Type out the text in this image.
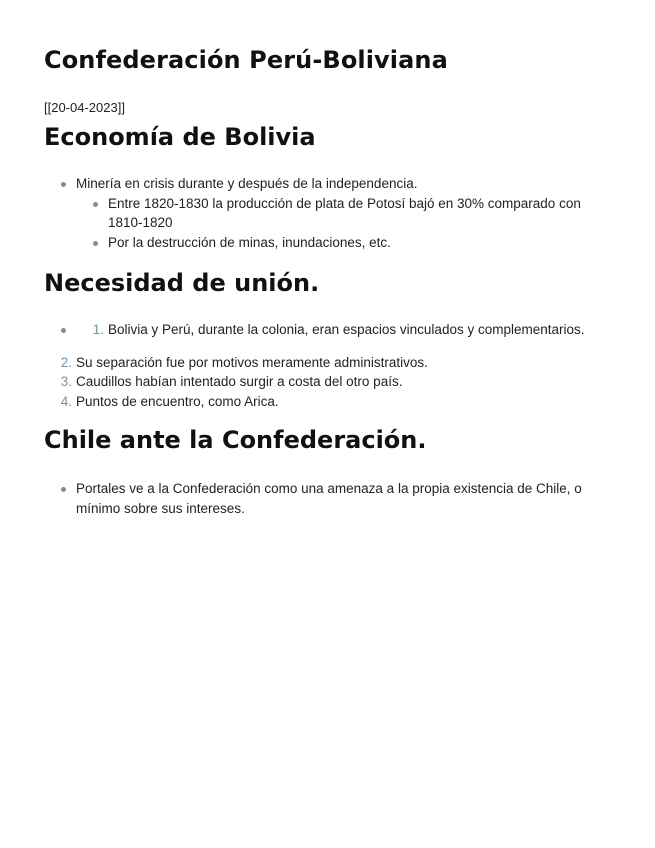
Confederación Perú-Boliviana
[[20-04-2023]]
Economía de Bolivia
Minería en crisis durante y después de la independencia.
Entre 1820-1830 la producción de plata de Potosí bajó en 30% comparado con 1810-1820
Por la destrucción de minas, inundaciones, etc.
Necesidad de unión.
1. Bolivia y Perú, durante la colonia, eran espacios vinculados y complementarios.
2. Su separación fue por motivos meramente administrativos.
3. Caudillos habían intentado surgir a costa del otro país.
4. Puntos de encuentro, como Arica.
Chile ante la Confederación.
Portales ve a la Confederación como una amenaza a la propia existencia de Chile, o mínimo sobre sus intereses.
